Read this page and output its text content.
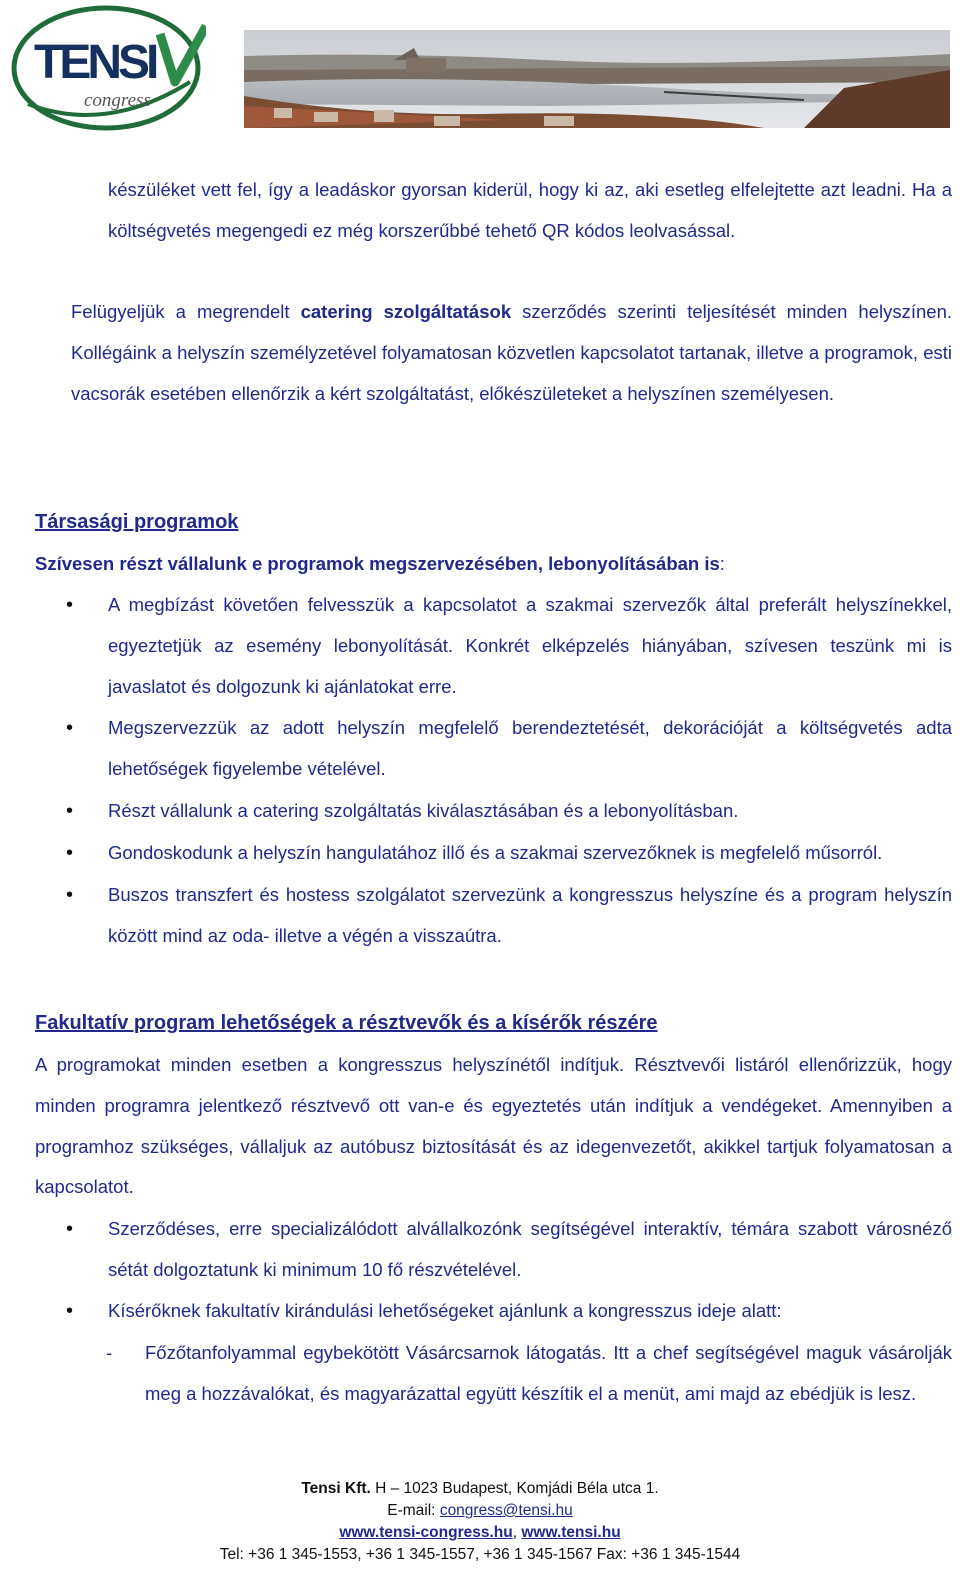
TENSI
congress
készüléket vett fel, így a leadáskor gyorsan kiderül, hogy ki az, aki esetleg elfelejtette azt leadni. Ha a költségvetés megengedi ez még korszerűbbé tehető QR kódos leolvasással.
Felügyeljük a megrendelt catering szolgáltatások szerződés szerinti teljesítését minden helyszínen. Kollégáink a helyszín személyzetével folyamatosan közvetlen kapcsolatot tartanak, illetve a programok, esti vacsorák esetében ellenőrzik a kért szolgáltatást, előkészületeket a helyszínen személyesen.
Társasági programok
Szívesen részt vállalunk e programok megszervezésében, lebonyolításában is:
• A megbízást követően felvesszük a kapcsolatot a szakmai szervezők által preferált helyszínekkel, egyeztetjük az esemény lebonyolítását. Konkrét elképzelés hiányában, szívesen teszünk mi is javaslatot és dolgozunk ki ajánlatokat erre.
• Megszervezzük az adott helyszín megfelelő berendeztetését, dekorációját a költségvetés adta lehetőségek figyelembe vételével.
• Részt vállalunk a catering szolgáltatás kiválasztásában és a lebonyolításban.
• Gondoskodunk a helyszín hangulatához illő és a szakmai szervezőknek is megfelelő műsorról.
• Buszos transzfert és hostess szolgálatot szervezünk a kongresszus helyszíne és a program helyszín között mind az oda- illetve a végén a visszaútra.
Fakultatív program lehetőségek a résztvevők és a kísérők részére
A programokat minden esetben a kongresszus helyszínétől indítjuk. Résztvevői listáról ellenőrizzük, hogy minden programra jelentkező résztvevő ott van-e és egyeztetés után indítjuk a vendégeket. Amennyiben a programhoz szükséges, vállaljuk az autóbusz biztosítását és az idegenvezetőt, akikkel tartjuk folyamatosan a kapcsolatot.
• Szerződéses, erre specializálódott alvállalkozónk segítségével interaktív, témára szabott városnéző sétát dolgoztatunk ki minimum 10 fő részvételével.
• Kísérőknek fakultatív kirándulási lehetőségeket ajánlunk a kongresszus ideje alatt:
- Főzőtanfolyammal egybekötött Vásárcsarnok látogatás. Itt a chef segítségével maguk vásárolják meg a hozzávalókat, és magyarázattal együtt készítik el a menüt, ami majd az ebédjük is lesz.
Tensi Kft. H – 1023 Budapest, Komjádi Béla utca 1.
E-mail: congress@tensi.hu
www.tensi-congress.hu, www.tensi.hu
Tel: +36 1 345-1553, +36 1 345-1557, +36 1 345-1567 Fax: +36 1 345-1544
